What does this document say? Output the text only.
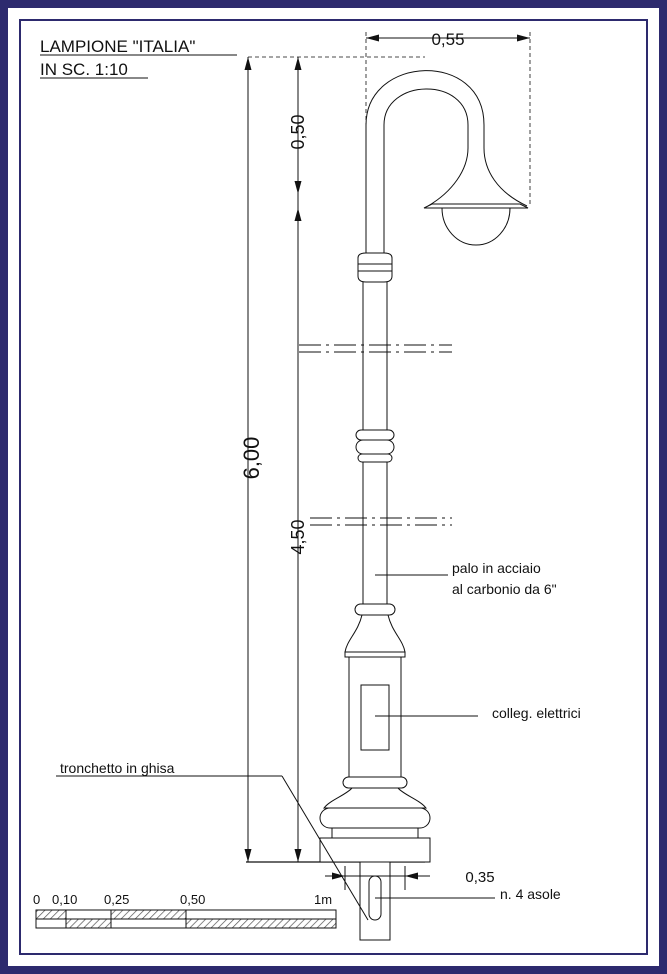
LAMPIONE "ITALIA"
IN SC. 1:10
6,00
0,50
4,50
0,55
0,35
palo in acciaio
al carbonio da 6"
colleg. elettrici
tronchetto in ghisa
n. 4 asole
0 0,10 0,25	0,50	1m
